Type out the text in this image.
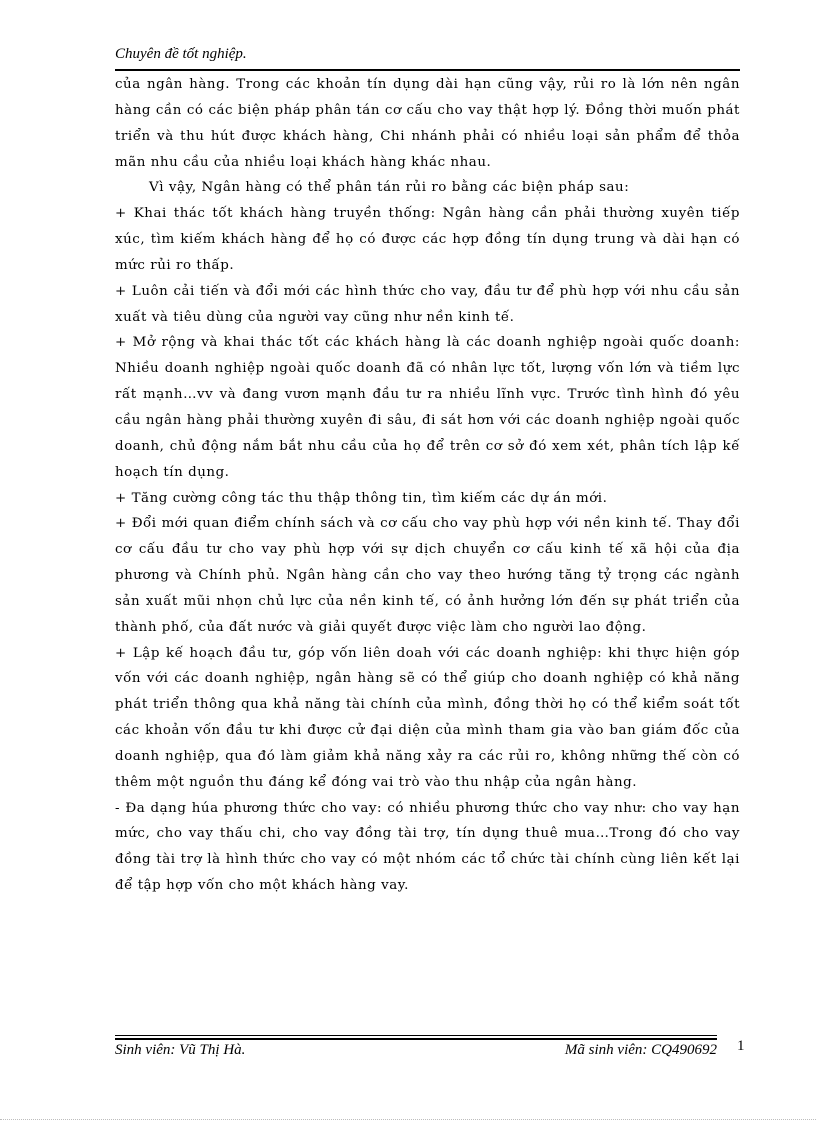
Chuyên đề tốt nghiệp.

của ngân hàng. Trong các khoản tín dụng dài hạn cũng vậy, rủi ro là lớn nên ngân hàng cần có các biện pháp phân tán cơ cấu cho vay thật hợp lý. Đồng thời muốn phát triển và thu hút được khách hàng, Chi nhánh phải có nhiều loại sản phẩm để thỏa mãn nhu cầu của nhiều loại khách hàng khác nhau.

Vì vậy, Ngân hàng có thể phân tán rủi ro bằng các biện pháp sau:

+ Khai thác tốt khách hàng truyền thống: Ngân hàng cần phải thường xuyên tiếp xúc, tìm kiếm khách hàng để họ có được các hợp đồng tín dụng trung và dài hạn có mức rủi ro thấp.

+ Luôn cải tiến và đổi mới các hình thức cho vay, đầu tư để phù hợp với nhu cầu sản xuất và tiêu dùng của người vay cũng như nền kinh tế.

+ Mở rộng và khai thác tốt các khách hàng là các doanh nghiệp ngoài quốc doanh: Nhiều doanh nghiệp ngoài quốc doanh đã có nhân lực tốt, lượng vốn lớn và tiềm lực rất mạnh…vv và đang vươn mạnh đầu tư ra nhiều lĩnh vực. Trước tình hình đó yêu cầu ngân hàng phải thường xuyên đi sâu, đi sát hơn với các doanh nghiệp ngoài quốc doanh, chủ động nắm bắt nhu cầu của họ để trên cơ sở đó xem xét, phân tích lập kế hoạch tín dụng.

+ Tăng cường công tác thu thập thông tin, tìm kiếm các dự án mới.

+ Đổi mới quan điểm chính sách và cơ cấu cho vay phù hợp với nền kinh tế. Thay đổi cơ cấu đầu tư cho vay phù hợp với sự dịch chuyển cơ cấu kinh tế xã hội của địa phương và Chính phủ. Ngân hàng cần cho vay theo hướng tăng tỷ trọng các ngành sản xuất mũi nhọn chủ lực của nền kinh tế, có ảnh hưởng lớn đến sự phát triển của thành phố, của đất nước và giải quyết được việc làm cho người lao động.

+ Lập kế hoạch đầu tư, góp vốn liên doah với các doanh nghiệp: khi thực hiện góp vốn với các doanh nghiệp, ngân hàng sẽ có thể giúp cho doanh nghiệp có khả năng phát triển thông qua khả năng tài chính của mình, đồng thời họ có thể kiểm soát tốt các khoản vốn đầu tư khi được cử đại diện của mình tham gia vào ban giám đốc của doanh nghiệp, qua đó làm giảm khả năng xảy ra các rủi ro, không những thế còn có thêm một nguồn thu đáng kể đóng vai trò vào thu nhập của ngân hàng.

- Đa dạng húa phương thức cho vay: có nhiều phương thức cho vay như: cho vay hạn mức, cho vay thấu chi, cho vay đồng tài trợ, tín dụng thuê mua…Trong đó cho vay đồng tài trợ là hình thức cho vay có một nhóm các tổ chức tài chính cùng liên kết lại để tập hợp vốn cho một khách hàng vay.

Sinh viên: Vũ Thị Hà.	Mã sinh viên: CQ490692 1
